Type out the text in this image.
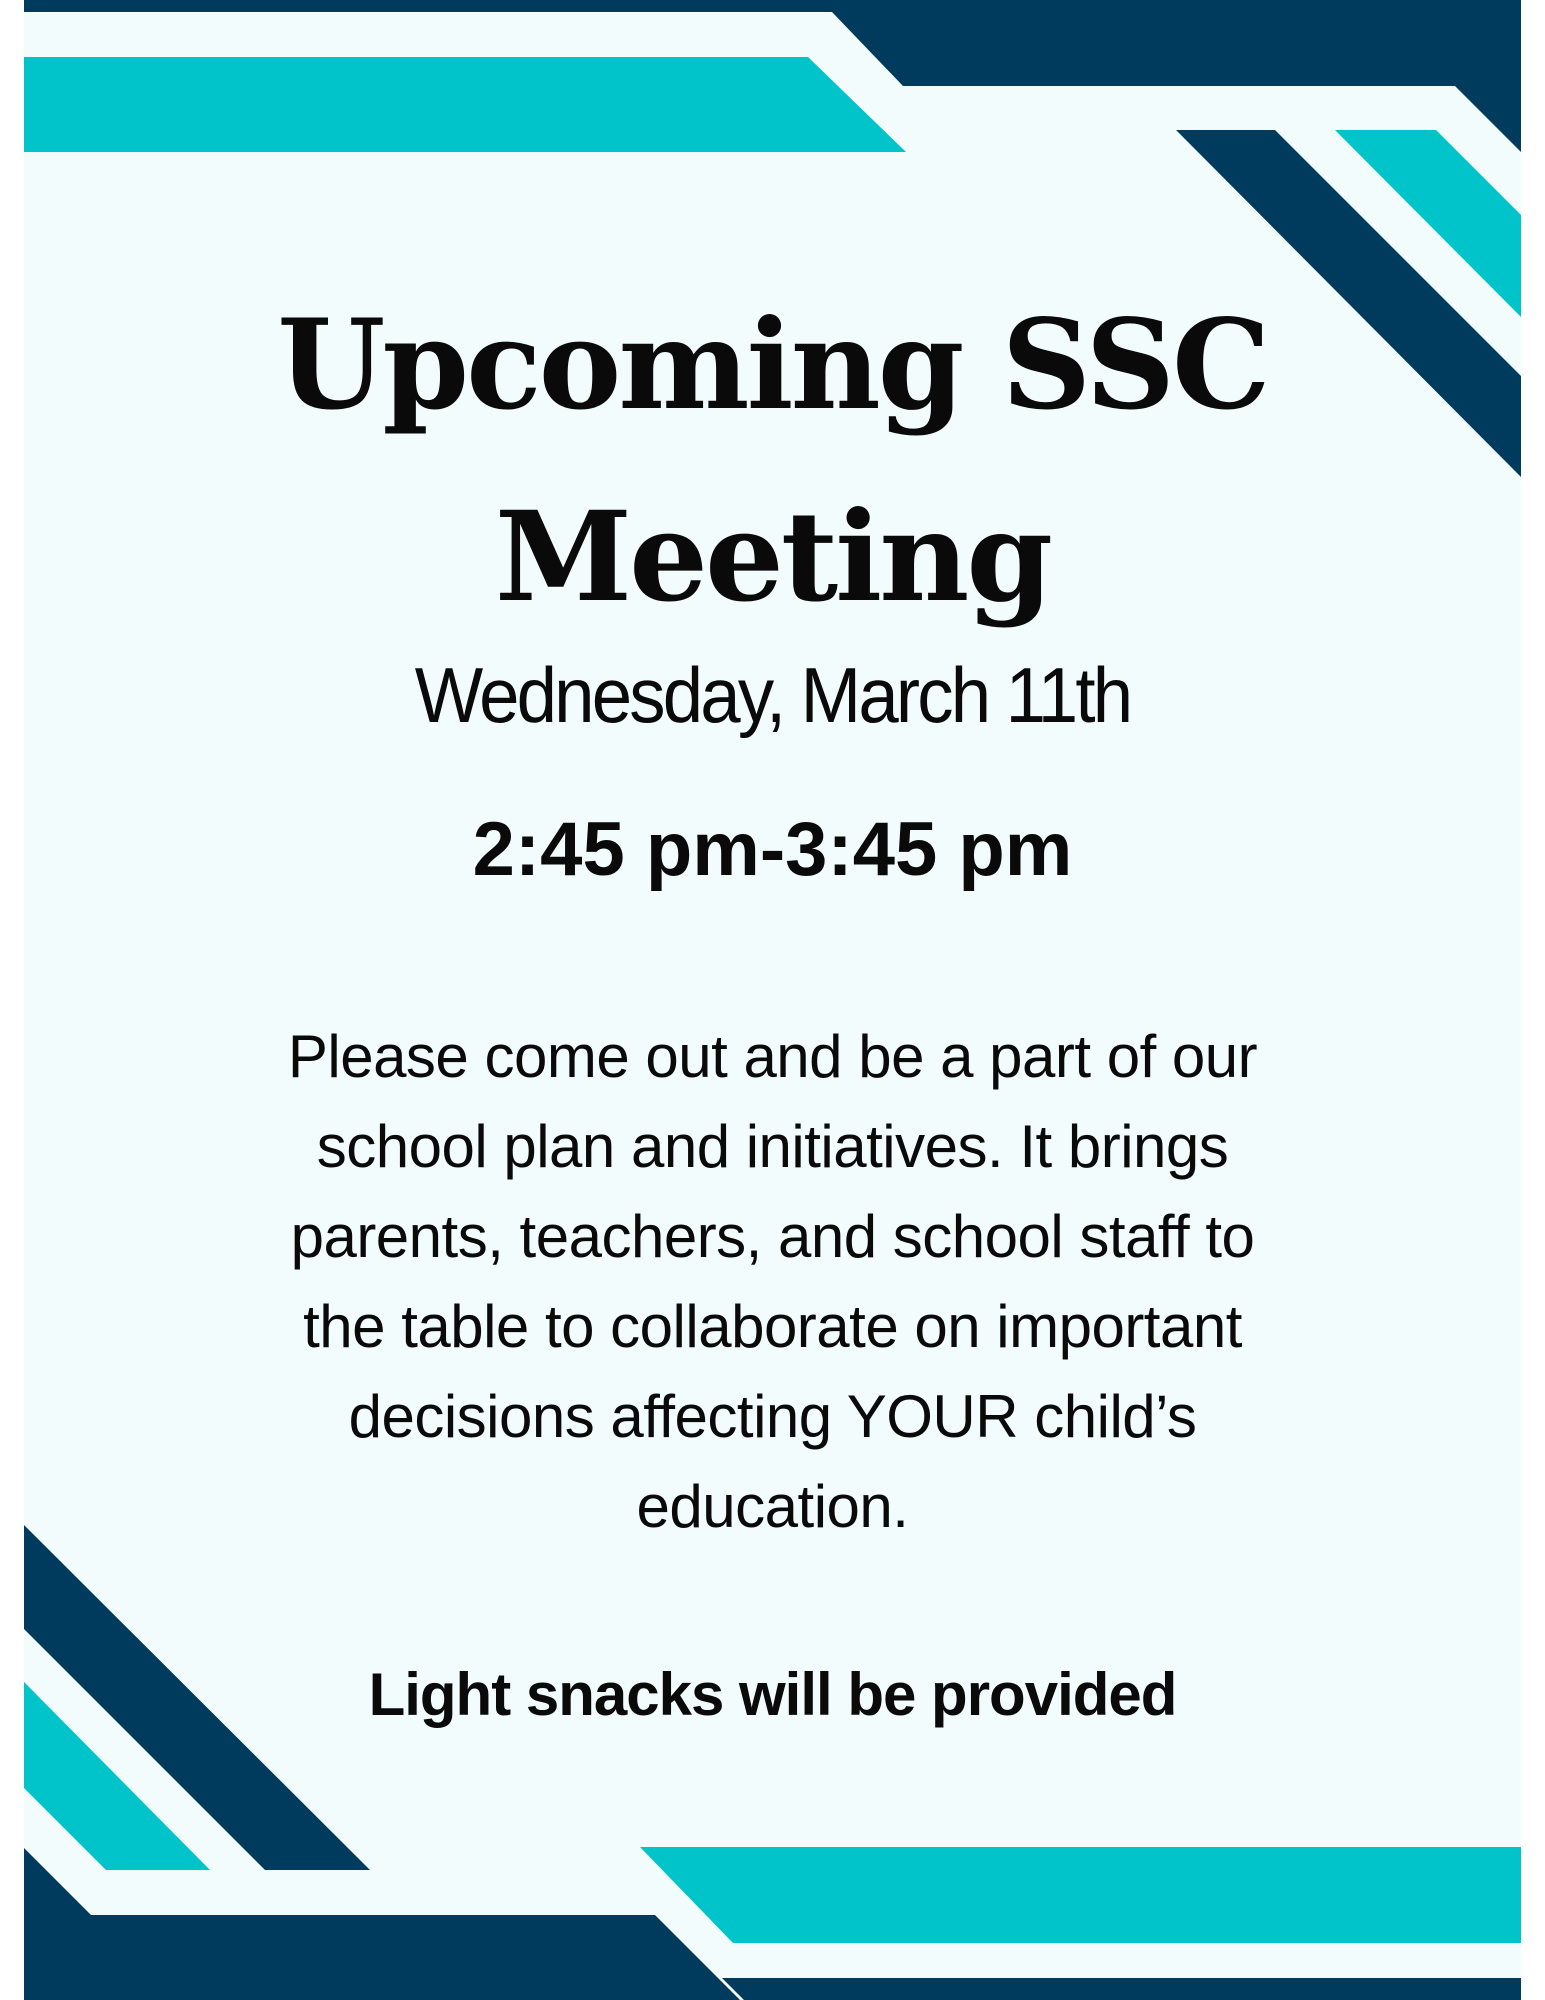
Upcoming SSC
Meeting

Wednesday, March 11th

2:45 pm-3:45 pm

Please come out and be a part of our
school plan and initiatives. It brings
parents, teachers, and school staff to
the table to collaborate on important
decisions affecting YOUR child’s
education.

Light snacks will be provided
